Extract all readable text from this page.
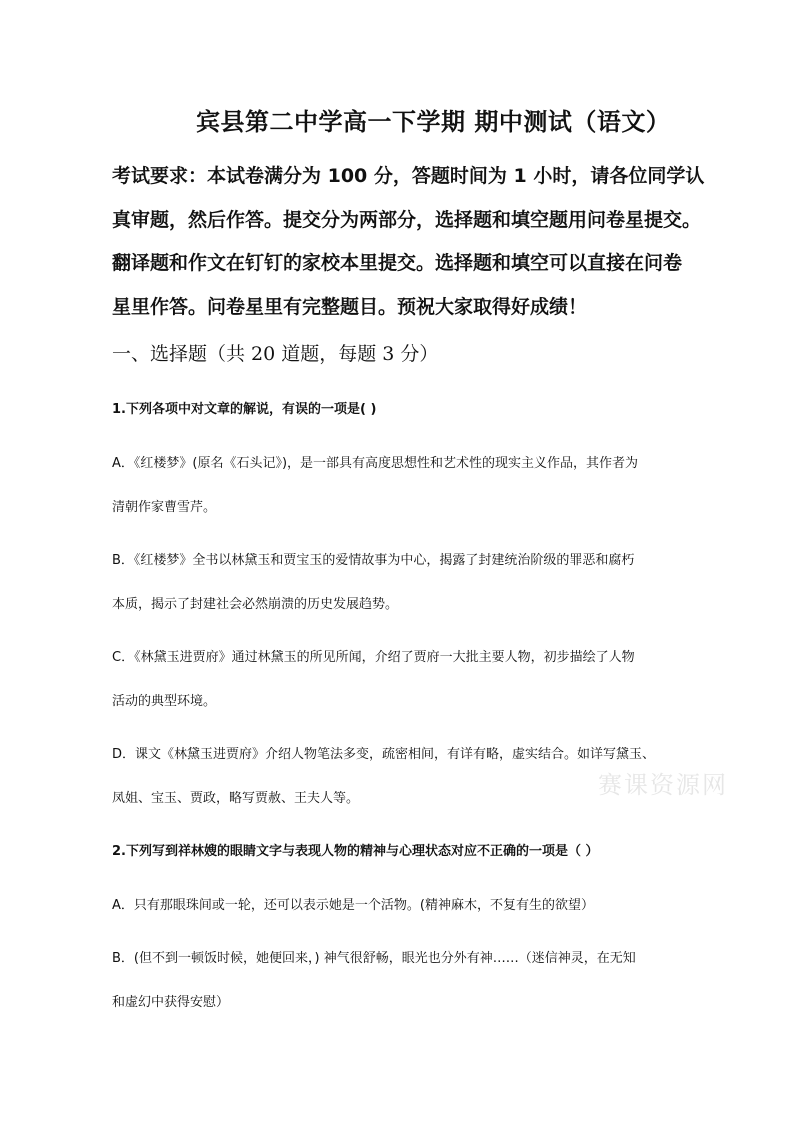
宾县第二中学高一下学期 期中测试（语文）
考试要求：本试卷满分为 100 分，答题时间为 1 小时，请各位同学认
真审题，然后作答。提交分为两部分，选择题和填空题用问卷星提交。
翻译题和作文在钉钉的家校本里提交。选择题和填空可以直接在问卷
星里作答。问卷星里有完整题目。预祝大家取得好成绩！
一、选择题（共 20 道题，每题 3 分）
1.下列各项中对文章的解说，有误的一项是( )
A．《红楼梦》(原名《石头记》)，是一部具有高度思想性和艺术性的现实主义作品，其作者为
清朝作家曹雪芹。
B．《红楼梦》全书以林黛玉和贾宝玉的爱情故事为中心，揭露了封建统治阶级的罪恶和腐朽
本质，揭示了封建社会必然崩溃的历史发展趋势。
C．《林黛玉进贾府》通过林黛玉的所见所闻，介绍了贾府一大批主要人物，初步描绘了人物
活动的典型环境。
D．课文《林黛玉进贾府》介绍人物笔法多变，疏密相间，有详有略，虚实结合。如详写黛玉、
凤姐、宝玉、贾政，略写贾赦、王夫人等。	赛课资源网
2.下列写到祥林嫂的眼睛文字与表现人物的精神与心理状态对应不正确的一项是（ ）
A．只有那眼珠间或一轮，还可以表示她是一个活物。(精神麻木，不复有生的欲望）
B．(但不到一顿饭时候，她便回来，) 神气很舒畅，眼光也分外有神……（迷信神灵，在无知
和虚幻中获得安慰）
